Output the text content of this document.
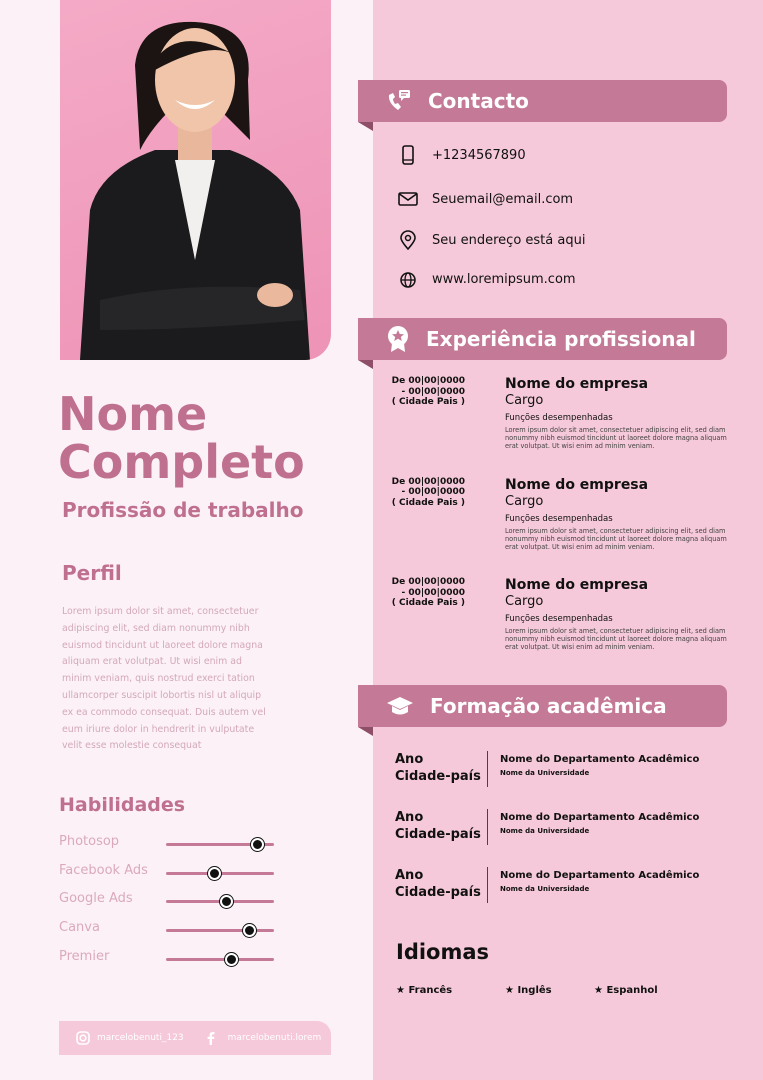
Nome
Completo
Profissão de trabalho
Perfil
Lorem ipsum dolor sit amet, consectetuer adipiscing elit, sed diam nonummy nibh euismod tincidunt ut laoreet dolore magna aliquam erat volutpat. Ut wisi enim ad minim veniam, quis nostrud exerci tation ullamcorper suscipit lobortis nisl ut aliquip ex ea commodo consequat. Duis autem vel eum iriure dolor in hendrerit in vulputate velit esse molestie consequat
Habilidades
Photosop
Facebook Ads
Google Ads
Canva
Premier
marcelobenuti_123	marcelobenuti.lorem
Contacto
+1234567890
Seuemail@email.com
Seu endereço está aqui
www.loremipsum.com
Experiência profissional
De 00|00|0000
- 00|00|0000
( Cidade Pais )
Nome do empresa
Cargo
Funções desempenhadas
Lorem ipsum dolor sit amet, consectetuer adipiscing elit, sed diam nonummy nibh euismod tincidunt ut laoreet dolore magna aliquam erat volutpat. Ut wisi enim ad minim veniam.
De 00|00|0000
- 00|00|0000
( Cidade Pais )
Nome do empresa
Cargo
Funções desempenhadas
Lorem ipsum dolor sit amet, consectetuer adipiscing elit, sed diam nonummy nibh euismod tincidunt ut laoreet dolore magna aliquam erat volutpat. Ut wisi enim ad minim veniam.
De 00|00|0000
- 00|00|0000
( Cidade Pais )
Nome do empresa
Cargo
Funções desempenhadas
Lorem ipsum dolor sit amet, consectetuer adipiscing elit, sed diam nonummy nibh euismod tincidunt ut laoreet dolore magna aliquam erat volutpat. Ut wisi enim ad minim veniam.
Formação acadêmica
Ano
Cidade-país
Nome do Departamento Acadêmico
Nome da Universidade
Ano
Cidade-país
Nome do Departamento Acadêmico
Nome da Universidade
Ano
Cidade-país
Nome do Departamento Acadêmico
Nome da Universidade
Idiomas
★ Francês	★ Inglês	★ Espanhol
